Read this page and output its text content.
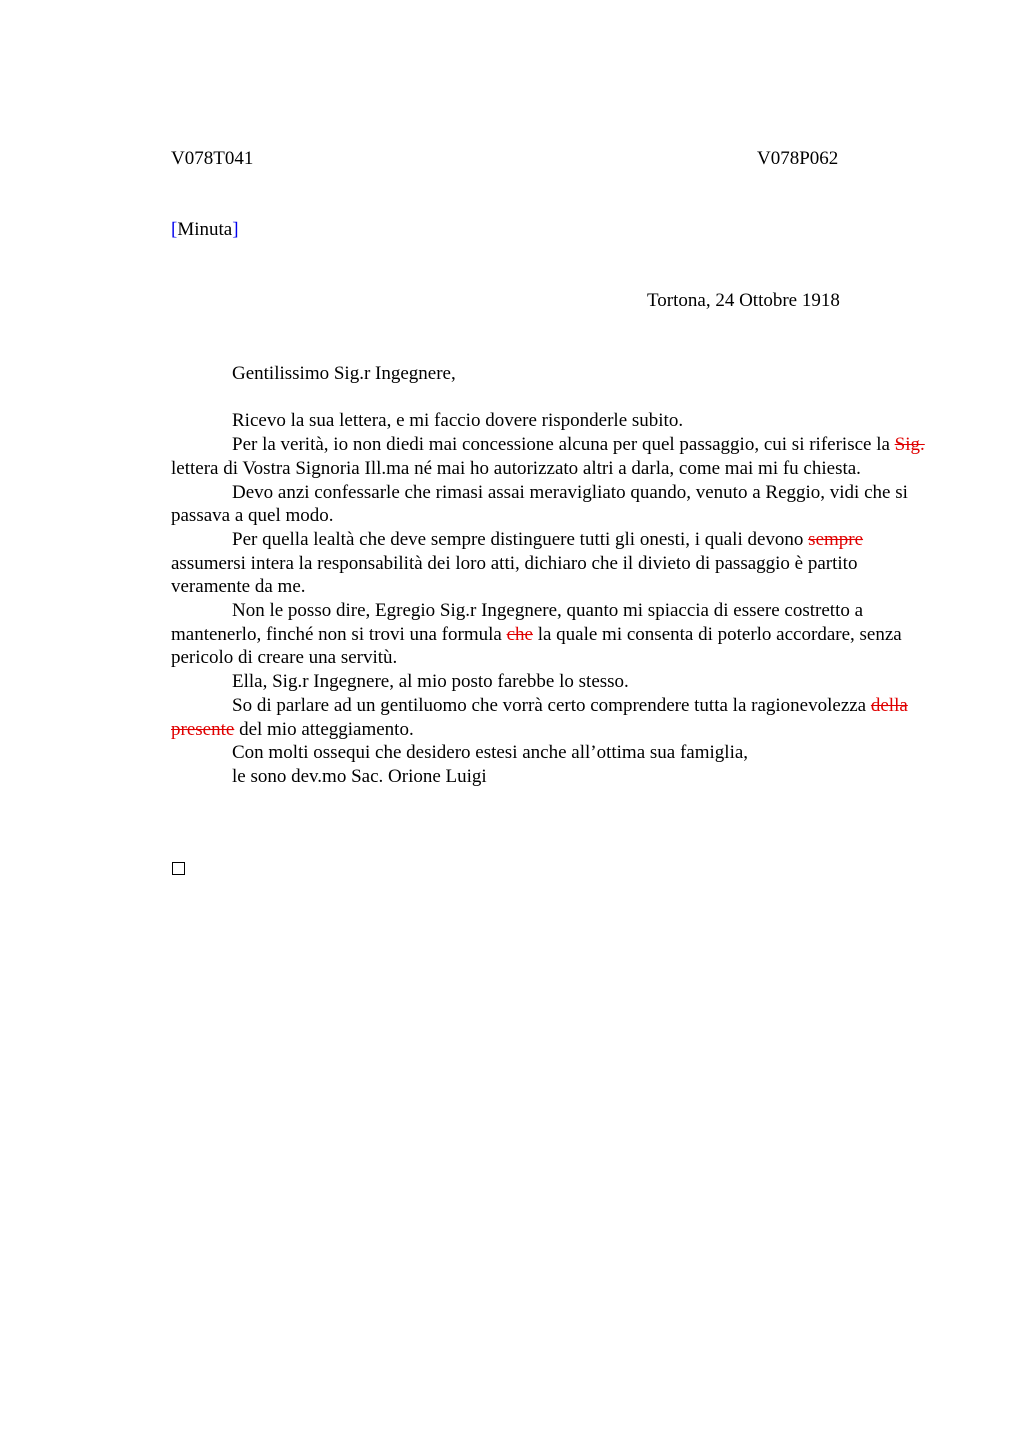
V078T041	V078P062
[Minuta]
Tortona, 24 Ottobre 1918

Gentilissimo Sig.r Ingegnere,

Ricevo la sua lettera, e mi faccio dovere risponderle subito.

Per la verità, io non diedi mai concessione alcuna per quel passaggio, cui si riferisce la Sig. lettera di Vostra Signoria Ill.ma né mai ho autorizzato altri a darla, come mai mi fu chiesta.

Devo anzi confessarle che rimasi assai meravigliato quando, venuto a Reggio, vidi che si passava a quel modo.

Per quella lealtà che deve sempre distinguere tutti gli onesti, i quali devono sempre assumersi intera la responsabilità dei loro atti, dichiaro che il divieto di passaggio è partito veramente da me.

Non le posso dire, Egregio Sig.r Ingegnere, quanto mi spiaccia di essere costretto a mantenerlo, finché non si trovi una formula che la quale mi consenta di poterlo accordare, senza pericolo di creare una servitù.

Ella, Sig.r Ingegnere, al mio posto farebbe lo stesso.

So di parlare ad un gentiluomo che vorrà certo comprendere tutta la ragionevolezza della presente del mio atteggiamento.

Con molti ossequi che desidero estesi anche all’ottima sua famiglia,

le sono dev.mo Sac. Orione Luigi
